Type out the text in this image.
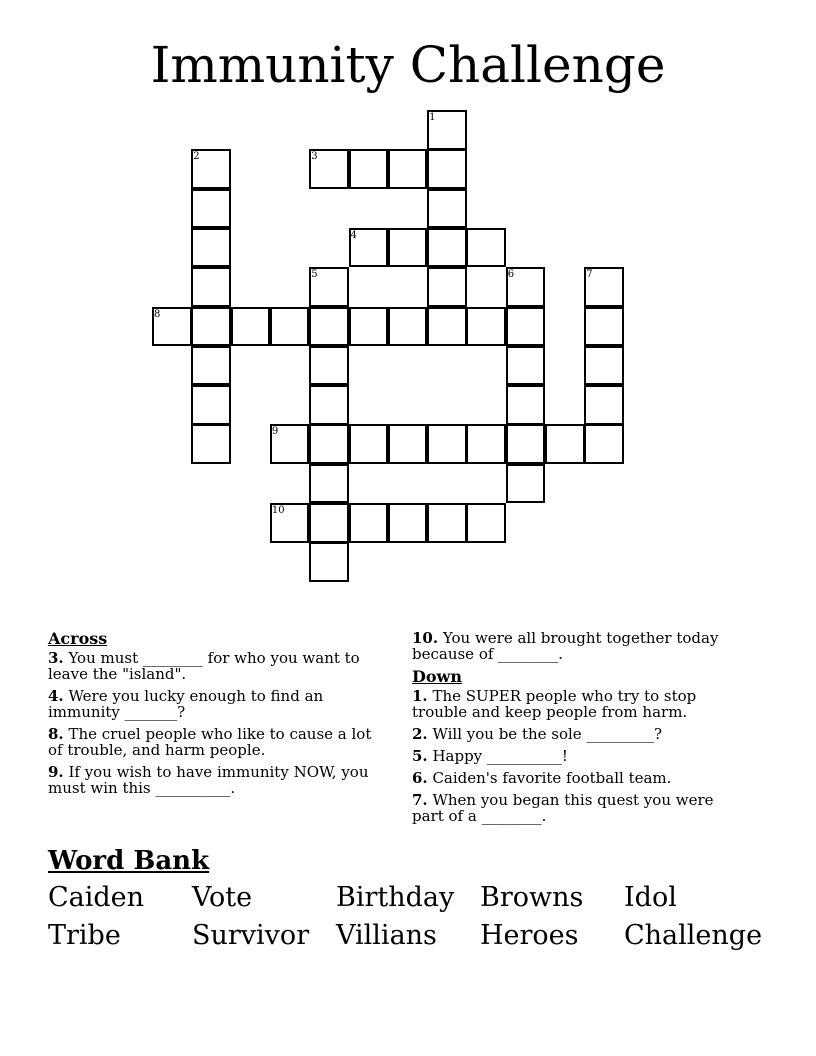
Immunity Challenge
1
2	3
4
5	6	7
8
9
10
Across
3. You must ________ for who you want to leave the "island".
4. Were you lucky enough to find an immunity _______?
8. The cruel people who like to cause a lot of trouble, and harm people.
9. If you wish to have immunity NOW, you must win this __________.
10. You were all brought together today because of ________.
Down
1. The SUPER people who try to stop trouble and keep people from harm.
2. Will you be the sole _________?
5. Happy __________!
6. Caiden's favorite football team.
7. When you began this quest you were part of a ________.
Word Bank
Caiden Vote	Birthday Browns Idol
Tribe	Survivor Villians Heroes Challenge
